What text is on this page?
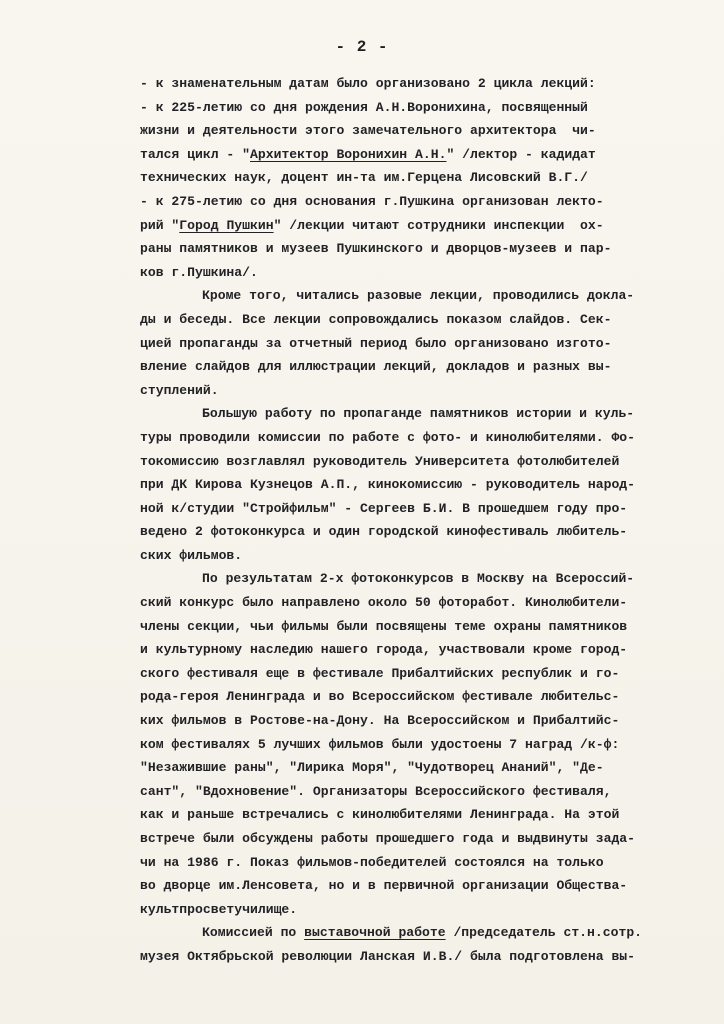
- 2 -
- к знаменательным датам было организовано 2 цикла лекций:
- к 225-летию со дня рождения А.Н.Воронихина, посвященный
жизни и деятельности этого замечательного архитектора  чи-
тался цикл - "Архитектор Воронихин А.Н." /лектор - кадидат
технических наук, доцент ин-та им.Герцена Лисовский В.Г./
- к 275-летию со дня основания г.Пушкина организован лекто-
рий "Город Пушкин" /лекции читают сотрудники инспекции  ох-
раны памятников и музеев Пушкинского и дворцов-музеев и пар-
ков г.Пушкина/.
Кроме того, читались разовые лекции, проводились докла-
ды и беседы. Все лекции сопровождались показом слайдов. Сек-
цией пропаганды за отчетный период было организовано изгото-
вление слайдов для иллюстрации лекций, докладов и разных вы-
ступлений.
Большую работу по пропаганде памятников истории и куль-
туры проводили комиссии по работе с фото- и кинолюбителями. Фо-
токомиссию возглавлял руководитель Университета фотолюбителей
при ДК Кирова Кузнецов А.П., кинокомиссию - руководитель народ-
ной к/студии "Стройфильм" - Сергеев Б.И. В прошедшем году про-
ведено 2 фотоконкурса и один городской кинофестиваль любитель-
ских фильмов.
По результатам 2-х фотоконкурсов в Москву на Всероссий-
ский конкурс было направлено около 50 фоторабот. Кинолюбители-
члены секции, чьи фильмы были посвящены теме охраны памятников
и культурному наследию нашего города, участвовали кроме город-
ского фестиваля еще в фестивале Прибалтийских республик и го-
рода-героя Ленинграда и во Всероссийском фестивале любительс-
ких фильмов в Ростове-на-Дону. На Всероссийском и Прибалтийс-
ком фестивалях 5 лучших фильмов были удостоены 7 наград /к-ф:
"Незажившие раны", "Лирика Моря", "Чудотворец Ананий", "Де-
сант", "Вдохновение". Организаторы Всероссийского фестиваля,
как и раньше встречались с кинолюбителями Ленинграда. На этой
встрече были обсуждены работы прошедшего года и выдвинуты зада-
чи на 1986 г. Показ фильмов-победителей состоялся на только
во дворце им.Ленсовета, но и в первичной организации Общества-
культпросветучилище.
Комиссией по выставочной работе /председатель ст.н.сотр.
музея Октябрьской революции Ланская И.В./ была подготовлена вы-
